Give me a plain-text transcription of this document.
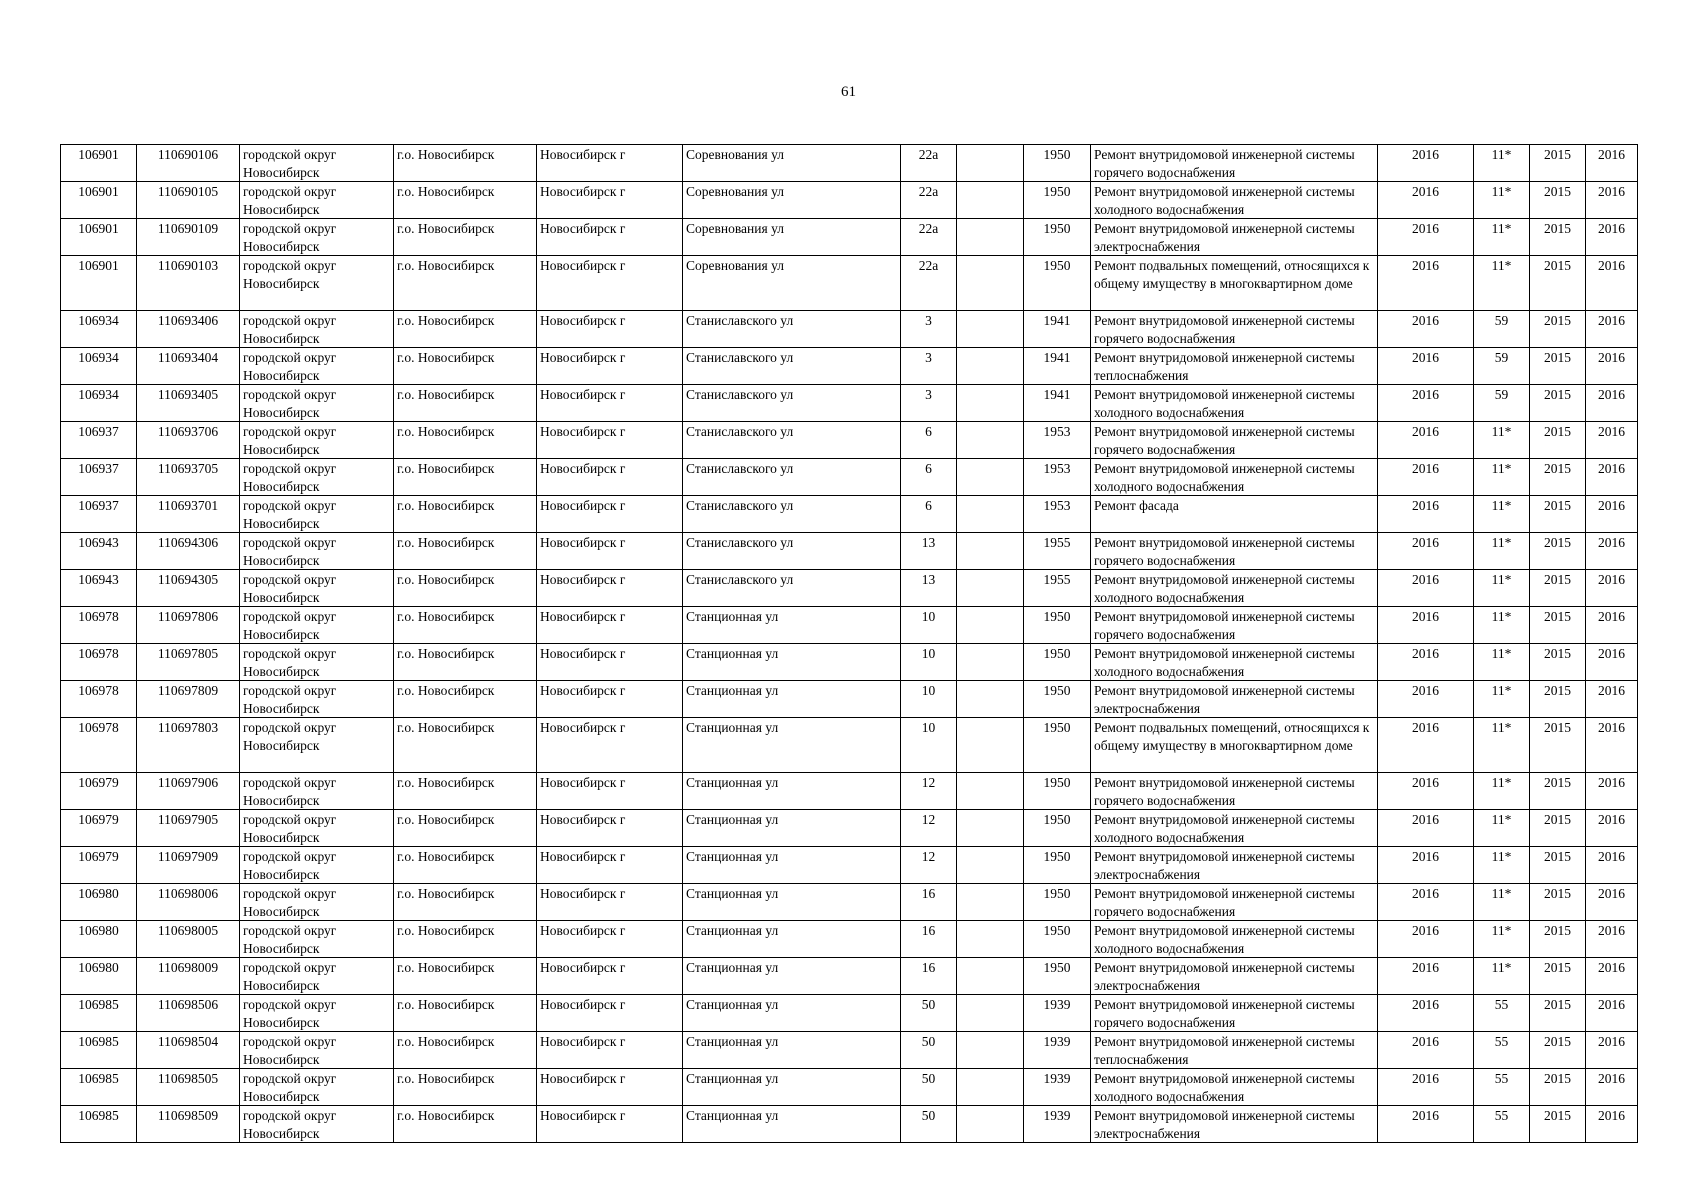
61
106901	110690106	городской округ Новосибирск	г.о. Новосибирск	Новосибирск г	Соревнования ул	22а		1950	Ремонт внутридомовой инженерной системы горячего водоснабжения	2016	11*	2015	2016
106901	110690105	городской округ Новосибирск	г.о. Новосибирск	Новосибирск г	Соревнования ул	22а		1950	Ремонт внутридомовой инженерной системы холодного водоснабжения	2016	11*	2015	2016
106901	110690109	городской округ Новосибирск	г.о. Новосибирск	Новосибирск г	Соревнования ул	22а		1950	Ремонт внутридомовой инженерной системы электроснабжения	2016	11*	2015	2016
106901	110690103	городской округ Новосибирск	г.о. Новосибирск	Новосибирск г	Соревнования ул	22а		1950	Ремонт подвальных помещений, относящихся к общему имуществу в многоквартирном доме	2016	11*	2015	2016
106934	110693406	городской округ Новосибирск	г.о. Новосибирск	Новосибирск г	Станиславского ул	3		1941	Ремонт внутридомовой инженерной системы горячего водоснабжения	2016	59	2015	2016
106934	110693404	городской округ Новосибирск	г.о. Новосибирск	Новосибирск г	Станиславского ул	3		1941	Ремонт внутридомовой инженерной системы теплоснабжения	2016	59	2015	2016
106934	110693405	городской округ Новосибирск	г.о. Новосибирск	Новосибирск г	Станиславского ул	3		1941	Ремонт внутридомовой инженерной системы холодного водоснабжения	2016	59	2015	2016
106937	110693706	городской округ Новосибирск	г.о. Новосибирск	Новосибирск г	Станиславского ул	6		1953	Ремонт внутридомовой инженерной системы горячего водоснабжения	2016	11*	2015	2016
106937	110693705	городской округ Новосибирск	г.о. Новосибирск	Новосибирск г	Станиславского ул	6		1953	Ремонт внутридомовой инженерной системы холодного водоснабжения	2016	11*	2015	2016
106937	110693701	городской округ Новосибирск	г.о. Новосибирск	Новосибирск г	Станиславского ул	6		1953	Ремонт фасада	2016	11*	2015	2016
106943	110694306	городской округ Новосибирск	г.о. Новосибирск	Новосибирск г	Станиславского ул	13		1955	Ремонт внутридомовой инженерной системы горячего водоснабжения	2016	11*	2015	2016
106943	110694305	городской округ Новосибирск	г.о. Новосибирск	Новосибирск г	Станиславского ул	13		1955	Ремонт внутридомовой инженерной системы холодного водоснабжения	2016	11*	2015	2016
106978	110697806	городской округ Новосибирск	г.о. Новосибирск	Новосибирск г	Станционная ул	10		1950	Ремонт внутридомовой инженерной системы горячего водоснабжения	2016	11*	2015	2016
106978	110697805	городской округ Новосибирск	г.о. Новосибирск	Новосибирск г	Станционная ул	10		1950	Ремонт внутридомовой инженерной системы холодного водоснабжения	2016	11*	2015	2016
106978	110697809	городской округ Новосибирск	г.о. Новосибирск	Новосибирск г	Станционная ул	10		1950	Ремонт внутридомовой инженерной системы электроснабжения	2016	11*	2015	2016
106978	110697803	городской округ Новосибирск	г.о. Новосибирск	Новосибирск г	Станционная ул	10		1950	Ремонт подвальных помещений, относящихся к общему имуществу в многоквартирном доме	2016	11*	2015	2016
106979	110697906	городской округ Новосибирск	г.о. Новосибирск	Новосибирск г	Станционная ул	12		1950	Ремонт внутридомовой инженерной системы горячего водоснабжения	2016	11*	2015	2016
106979	110697905	городской округ Новосибирск	г.о. Новосибирск	Новосибирск г	Станционная ул	12		1950	Ремонт внутридомовой инженерной системы холодного водоснабжения	2016	11*	2015	2016
106979	110697909	городской округ Новосибирск	г.о. Новосибирск	Новосибирск г	Станционная ул	12		1950	Ремонт внутридомовой инженерной системы электроснабжения	2016	11*	2015	2016
106980	110698006	городской округ Новосибирск	г.о. Новосибирск	Новосибирск г	Станционная ул	16		1950	Ремонт внутридомовой инженерной системы горячего водоснабжения	2016	11*	2015	2016
106980	110698005	городской округ Новосибирск	г.о. Новосибирск	Новосибирск г	Станционная ул	16		1950	Ремонт внутридомовой инженерной системы холодного водоснабжения	2016	11*	2015	2016
106980	110698009	городской округ Новосибирск	г.о. Новосибирск	Новосибирск г	Станционная ул	16		1950	Ремонт внутридомовой инженерной системы электроснабжения	2016	11*	2015	2016
106985	110698506	городской округ Новосибирск	г.о. Новосибирск	Новосибирск г	Станционная ул	50		1939	Ремонт внутридомовой инженерной системы горячего водоснабжения	2016	55	2015	2016
106985	110698504	городской округ Новосибирск	г.о. Новосибирск	Новосибирск г	Станционная ул	50		1939	Ремонт внутридомовой инженерной системы теплоснабжения	2016	55	2015	2016
106985	110698505	городской округ Новосибирск	г.о. Новосибирск	Новосибирск г	Станционная ул	50		1939	Ремонт внутридомовой инженерной системы холодного водоснабжения	2016	55	2015	2016
106985	110698509	городской округ Новосибирск	г.о. Новосибирск	Новосибирск г	Станционная ул	50		1939	Ремонт внутридомовой инженерной системы электроснабжения	2016	55	2015	2016
